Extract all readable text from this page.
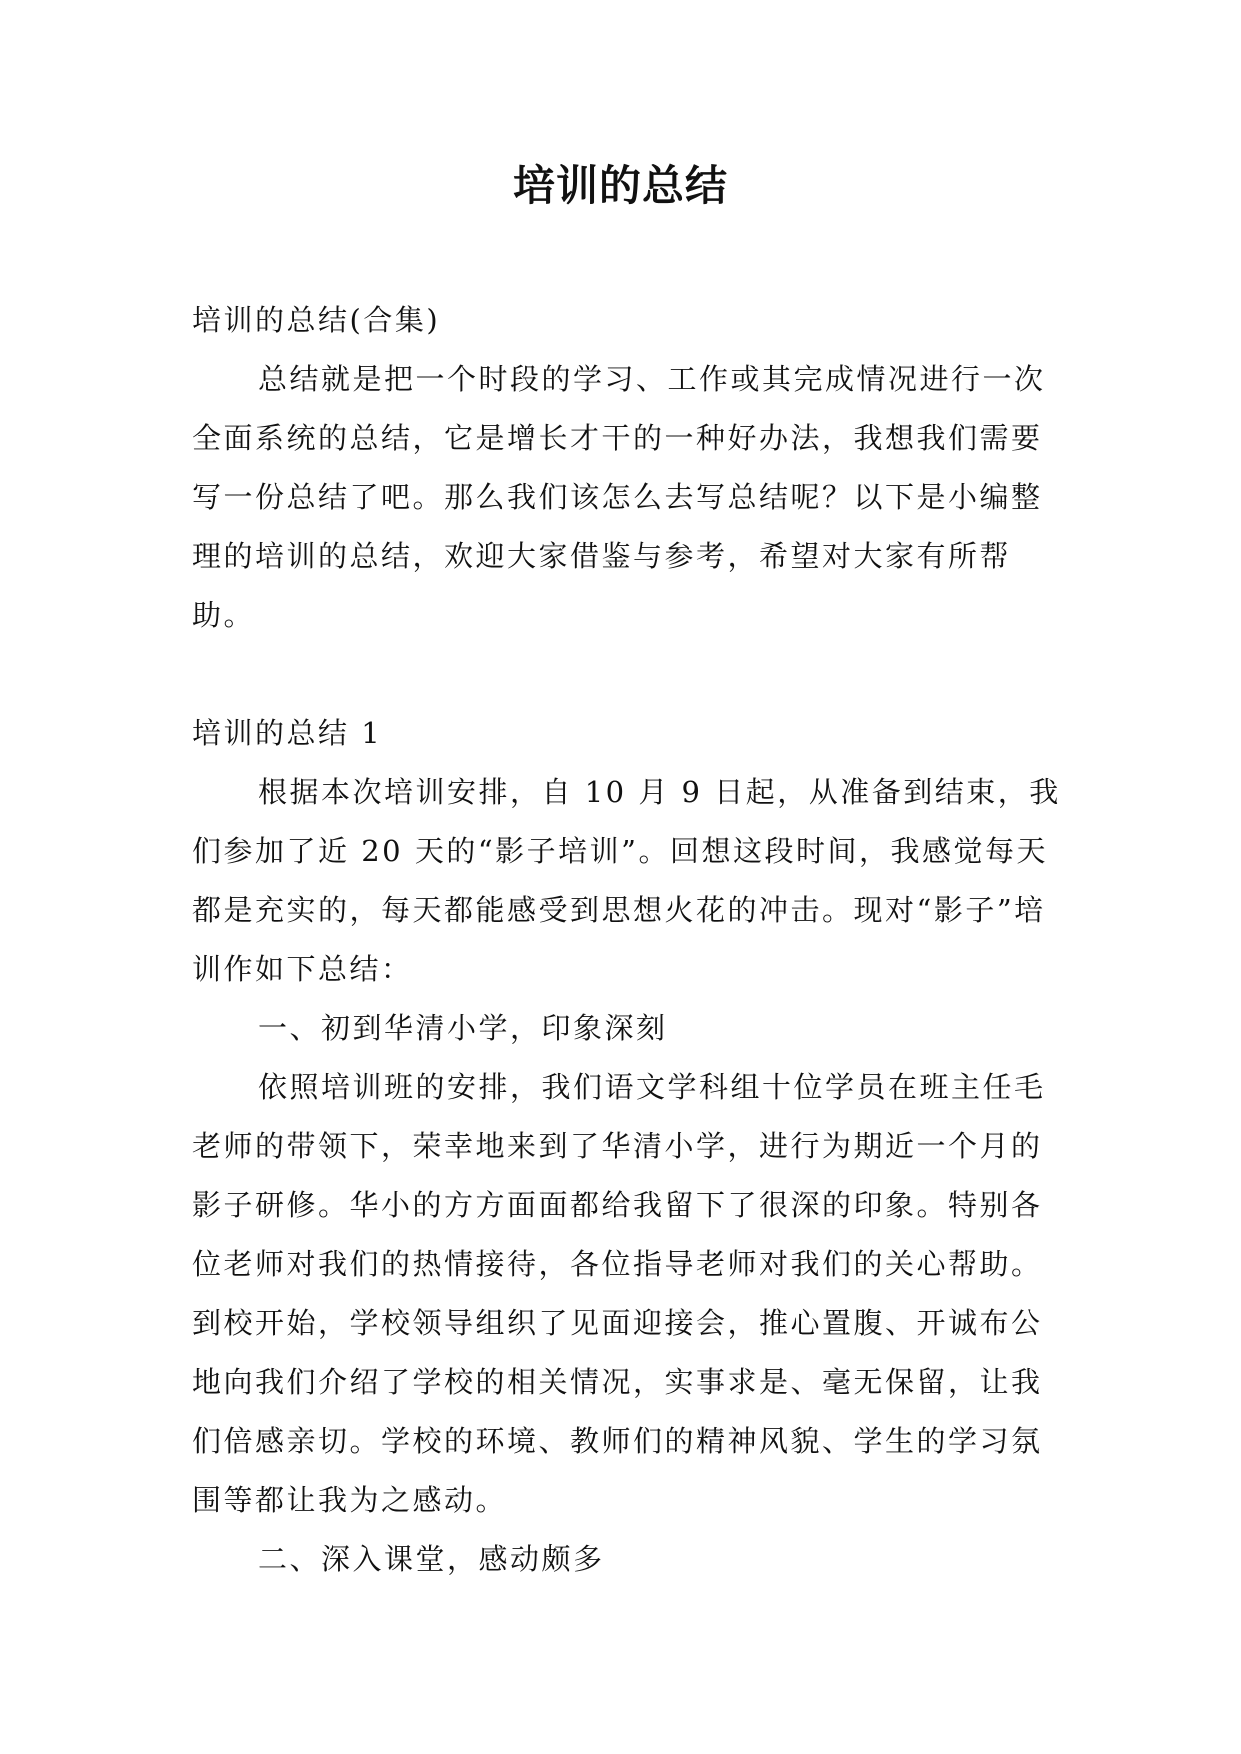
培训的总结

培训的总结(合集)

总结就是把一个时段的学习、工作或其完成情况进行一次全面系统的总结，它是增长才干的一种好办法，我想我们需要写一份总结了吧。那么我们该怎么去写总结呢？以下是小编整理的培训的总结，欢迎大家借鉴与参考，希望对大家有所帮助。

培训的总结 1

根据本次培训安排，自 10 月 9 日起，从准备到结束，我们参加了近 20 天的“影子培训”。回想这段时间，我感觉每天都是充实的，每天都能感受到思想火花的冲击。现对“影子”培训作如下总结：

一、初到华清小学，印象深刻

依照培训班的安排，我们语文学科组十位学员在班主任毛老师的带领下，荣幸地来到了华清小学，进行为期近一个月的影子研修。华小的方方面面都给我留下了很深的印象。特别各位老师对我们的热情接待，各位指导老师对我们的关心帮助。到校开始，学校领导组织了见面迎接会，推心置腹、开诚布公地向我们介绍了学校的相关情况，实事求是、毫无保留，让我们倍感亲切。学校的环境、教师们的精神风貌、学生的学习氛围等都让我为之感动。

二、深入课堂，感动颇多
